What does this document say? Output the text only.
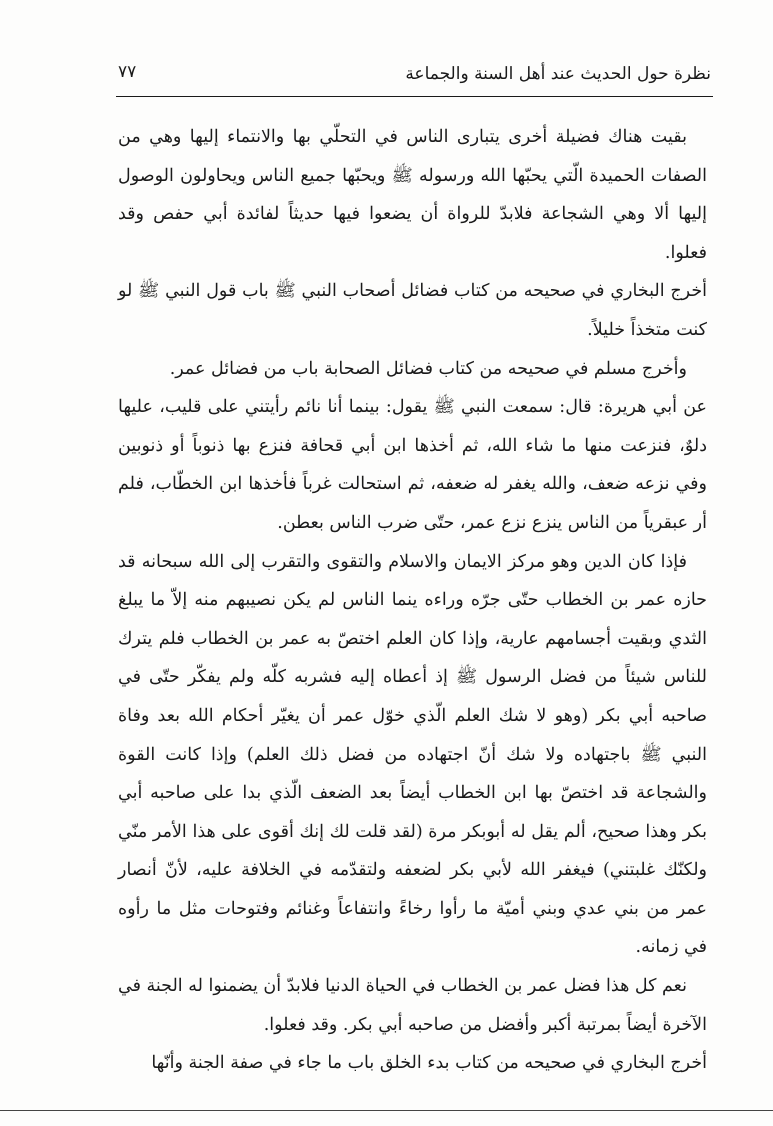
نظرة حول الحديث عند أهل السنة والجماعة
٧٧

بقيت هناك فضيلة أخرى يتبارى الناس في التحلّي بها والانتماء إليها وهي من الصفات الحميدة الّتي يحبّها الله ورسوله ﷺ ويحبّها جميع الناس ويحاولون الوصول إليها ألا وهي الشجاعة فلابدّ للرواة أن يضعوا فيها حديثاً لفائدة أبي حفص وقد فعلوا.

أخرج البخاري في صحيحه من كتاب فضائل أصحاب النبي ﷺ باب قول النبي ﷺ لو كنت متخذاً خليلاً.

وأخرج مسلم في صحيحه من كتاب فضائل الصحابة باب من فضائل عمر.

عن أبي هريرة: قال: سمعت النبي ﷺ يقول: بينما أنا نائم رأيتني على قليب، عليها دلوٌ، فنزعت منها ما شاء الله، ثم أخذها ابن أبي قحافة فنزع بها ذنوباً أو ذنوبين وفي نزعه ضعف، والله يغفر له ضعفه، ثم استحالت غرباً فأخذها ابن الخطّاب، فلم أر عبقرياً من الناس ينزع نزع عمر، حتّى ضرب الناس بعطن.

فإذا كان الدين وهو مركز الايمان والاسلام والتقوى والتقرب إلى الله سبحانه قد حازه عمر بن الخطاب حتّى جرّه وراءه ينما الناس لم يكن نصيبهم منه إلاّ ما يبلغ الثدي وبقيت أجسامهم عارية، وإذا كان العلم اختصّ به عمر بن الخطاب فلم يترك للناس شيئاً من فضل الرسول ﷺ إذ أعطاه إليه فشربه كلّه ولم يفكّر حتّى في صاحبه أبي بكر (وهو لا شك العلم الّذي خوّل عمر أن يغيّر أحكام الله بعد وفاة النبي ﷺ باجتهاده ولا شك أنّ اجتهاده من فضل ذلك العلم) وإذا كانت القوة والشجاعة قد اختصّ بها ابن الخطاب أيضاً بعد الضعف الّذي بدا على صاحبه أبي بكر وهذا صحيح، ألم يقل له أبوبكر مرة (لقد قلت لك إنك أقوى على هذا الأمر منّي ولكنّك غلبتني) فيغفر الله لأبي بكر لضعفه ولتقدّمه في الخلافة عليه، لأنّ أنصار عمر من بني عدي وبني أميّة ما رأوا رخاءً وانتفاعاً وغنائم وفتوحات مثل ما رأوه في زمانه.

نعم كل هذا فضل عمر بن الخطاب في الحياة الدنيا فلابدّ أن يضمنوا له الجنة في الآخرة أيضاً بمرتبة أكبر وأفضل من صاحبه أبي بكر. وقد فعلوا.

أخرج البخاري في صحيحه من كتاب بدء الخلق باب ما جاء في صفة الجنة وأنّها
